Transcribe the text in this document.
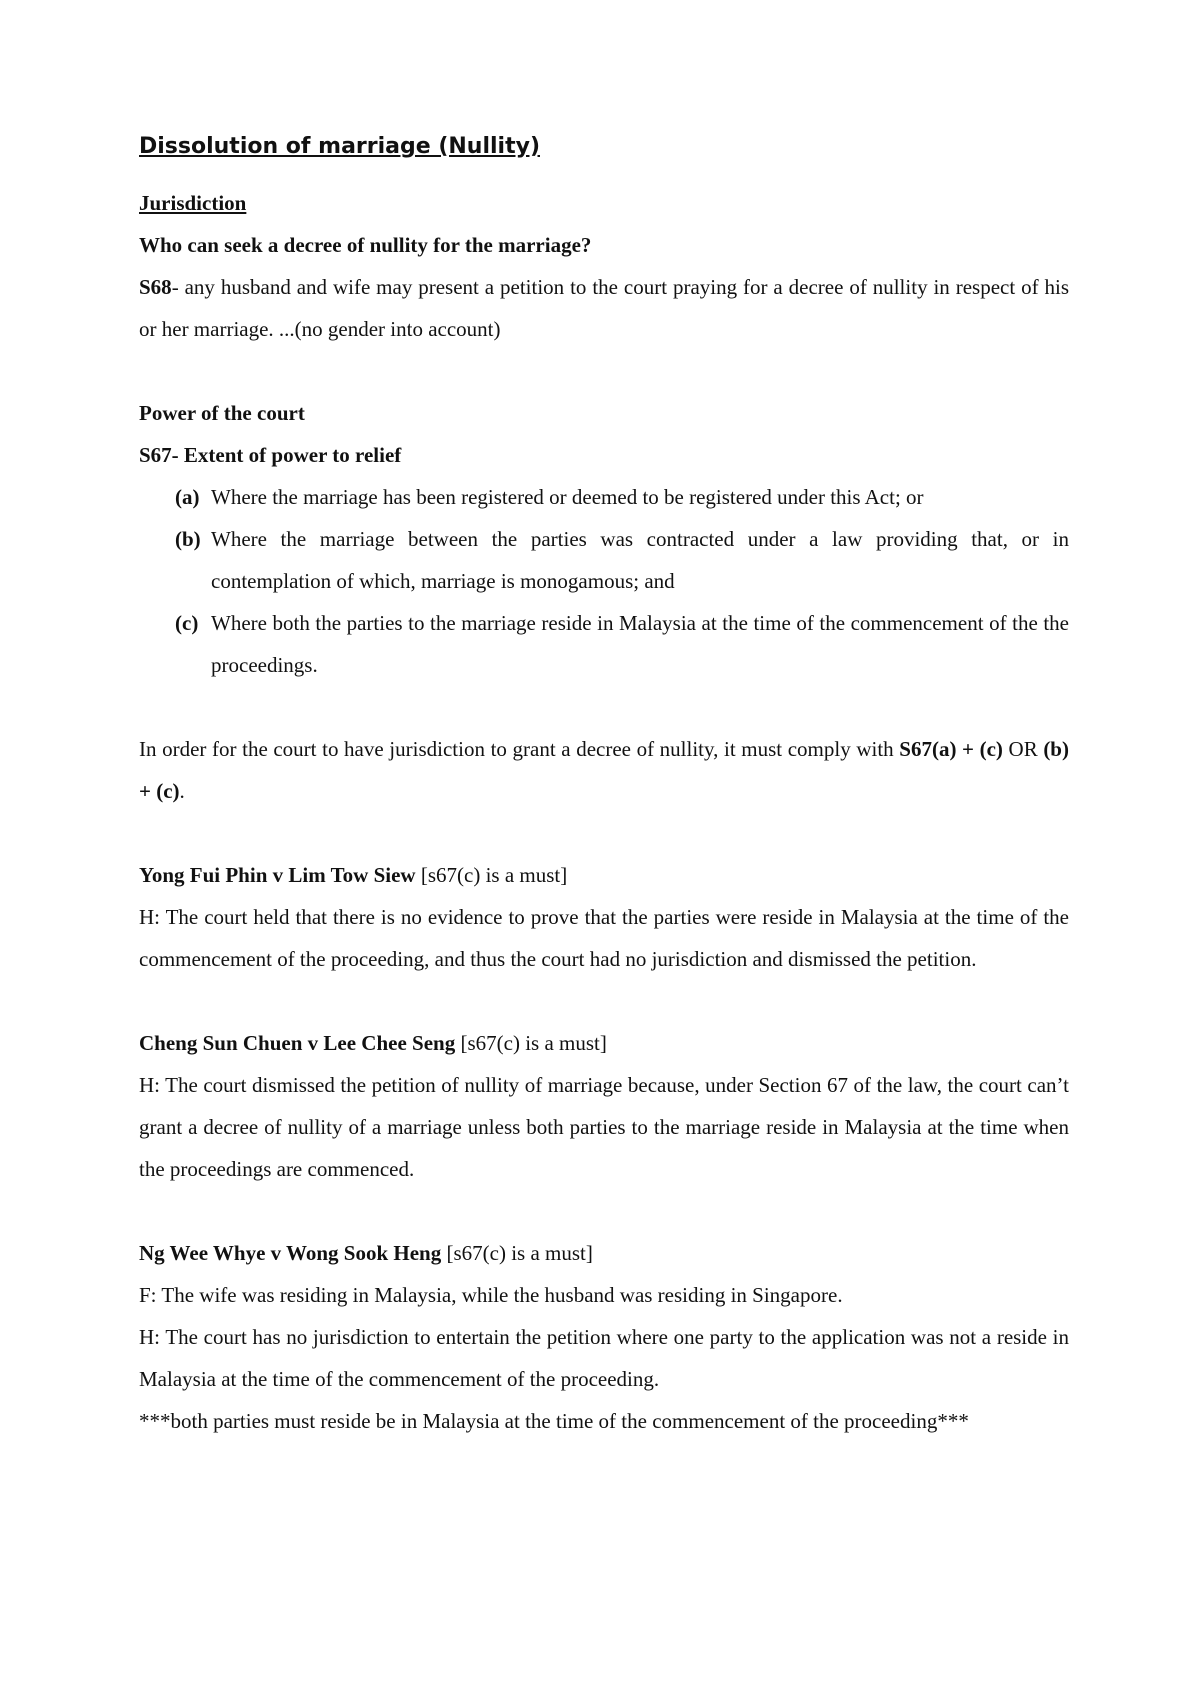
Dissolution of marriage (Nullity)

Jurisdiction

Who can seek a decree of nullity for the marriage?

S68- any husband and wife may present a petition to the court praying for a decree of nullity in respect of his or her marriage. ...(no gender into account)

Power of the court

S67- Extent of power to relief

(a) Where the marriage has been registered or deemed to be registered under this Act; or
(b) Where the marriage between the parties was contracted under a law providing that, or in contemplation of which, marriage is monogamous; and
(c) Where both the parties to the marriage reside in Malaysia at the time of the commencement of the the proceedings.

In order for the court to have jurisdiction to grant a decree of nullity, it must comply with S67(a) + (c) OR (b) + (c).

Yong Fui Phin v Lim Tow Siew [s67(c) is a must]

H: The court held that there is no evidence to prove that the parties were reside in Malaysia at the time of the commencement of the proceeding, and thus the court had no jurisdiction and dismissed the petition.

Cheng Sun Chuen v Lee Chee Seng [s67(c) is a must]

H: The court dismissed the petition of nullity of marriage because, under Section 67 of the law, the court can’t grant a decree of nullity of a marriage unless both parties to the marriage reside in Malaysia at the time when the proceedings are commenced.

Ng Wee Whye v Wong Sook Heng [s67(c) is a must]

F: The wife was residing in Malaysia, while the husband was residing in Singapore.

H: The court has no jurisdiction to entertain the petition where one party to the application was not a reside in Malaysia at the time of the commencement of the proceeding.

***both parties must reside be in Malaysia at the time of the commencement of the proceeding***
